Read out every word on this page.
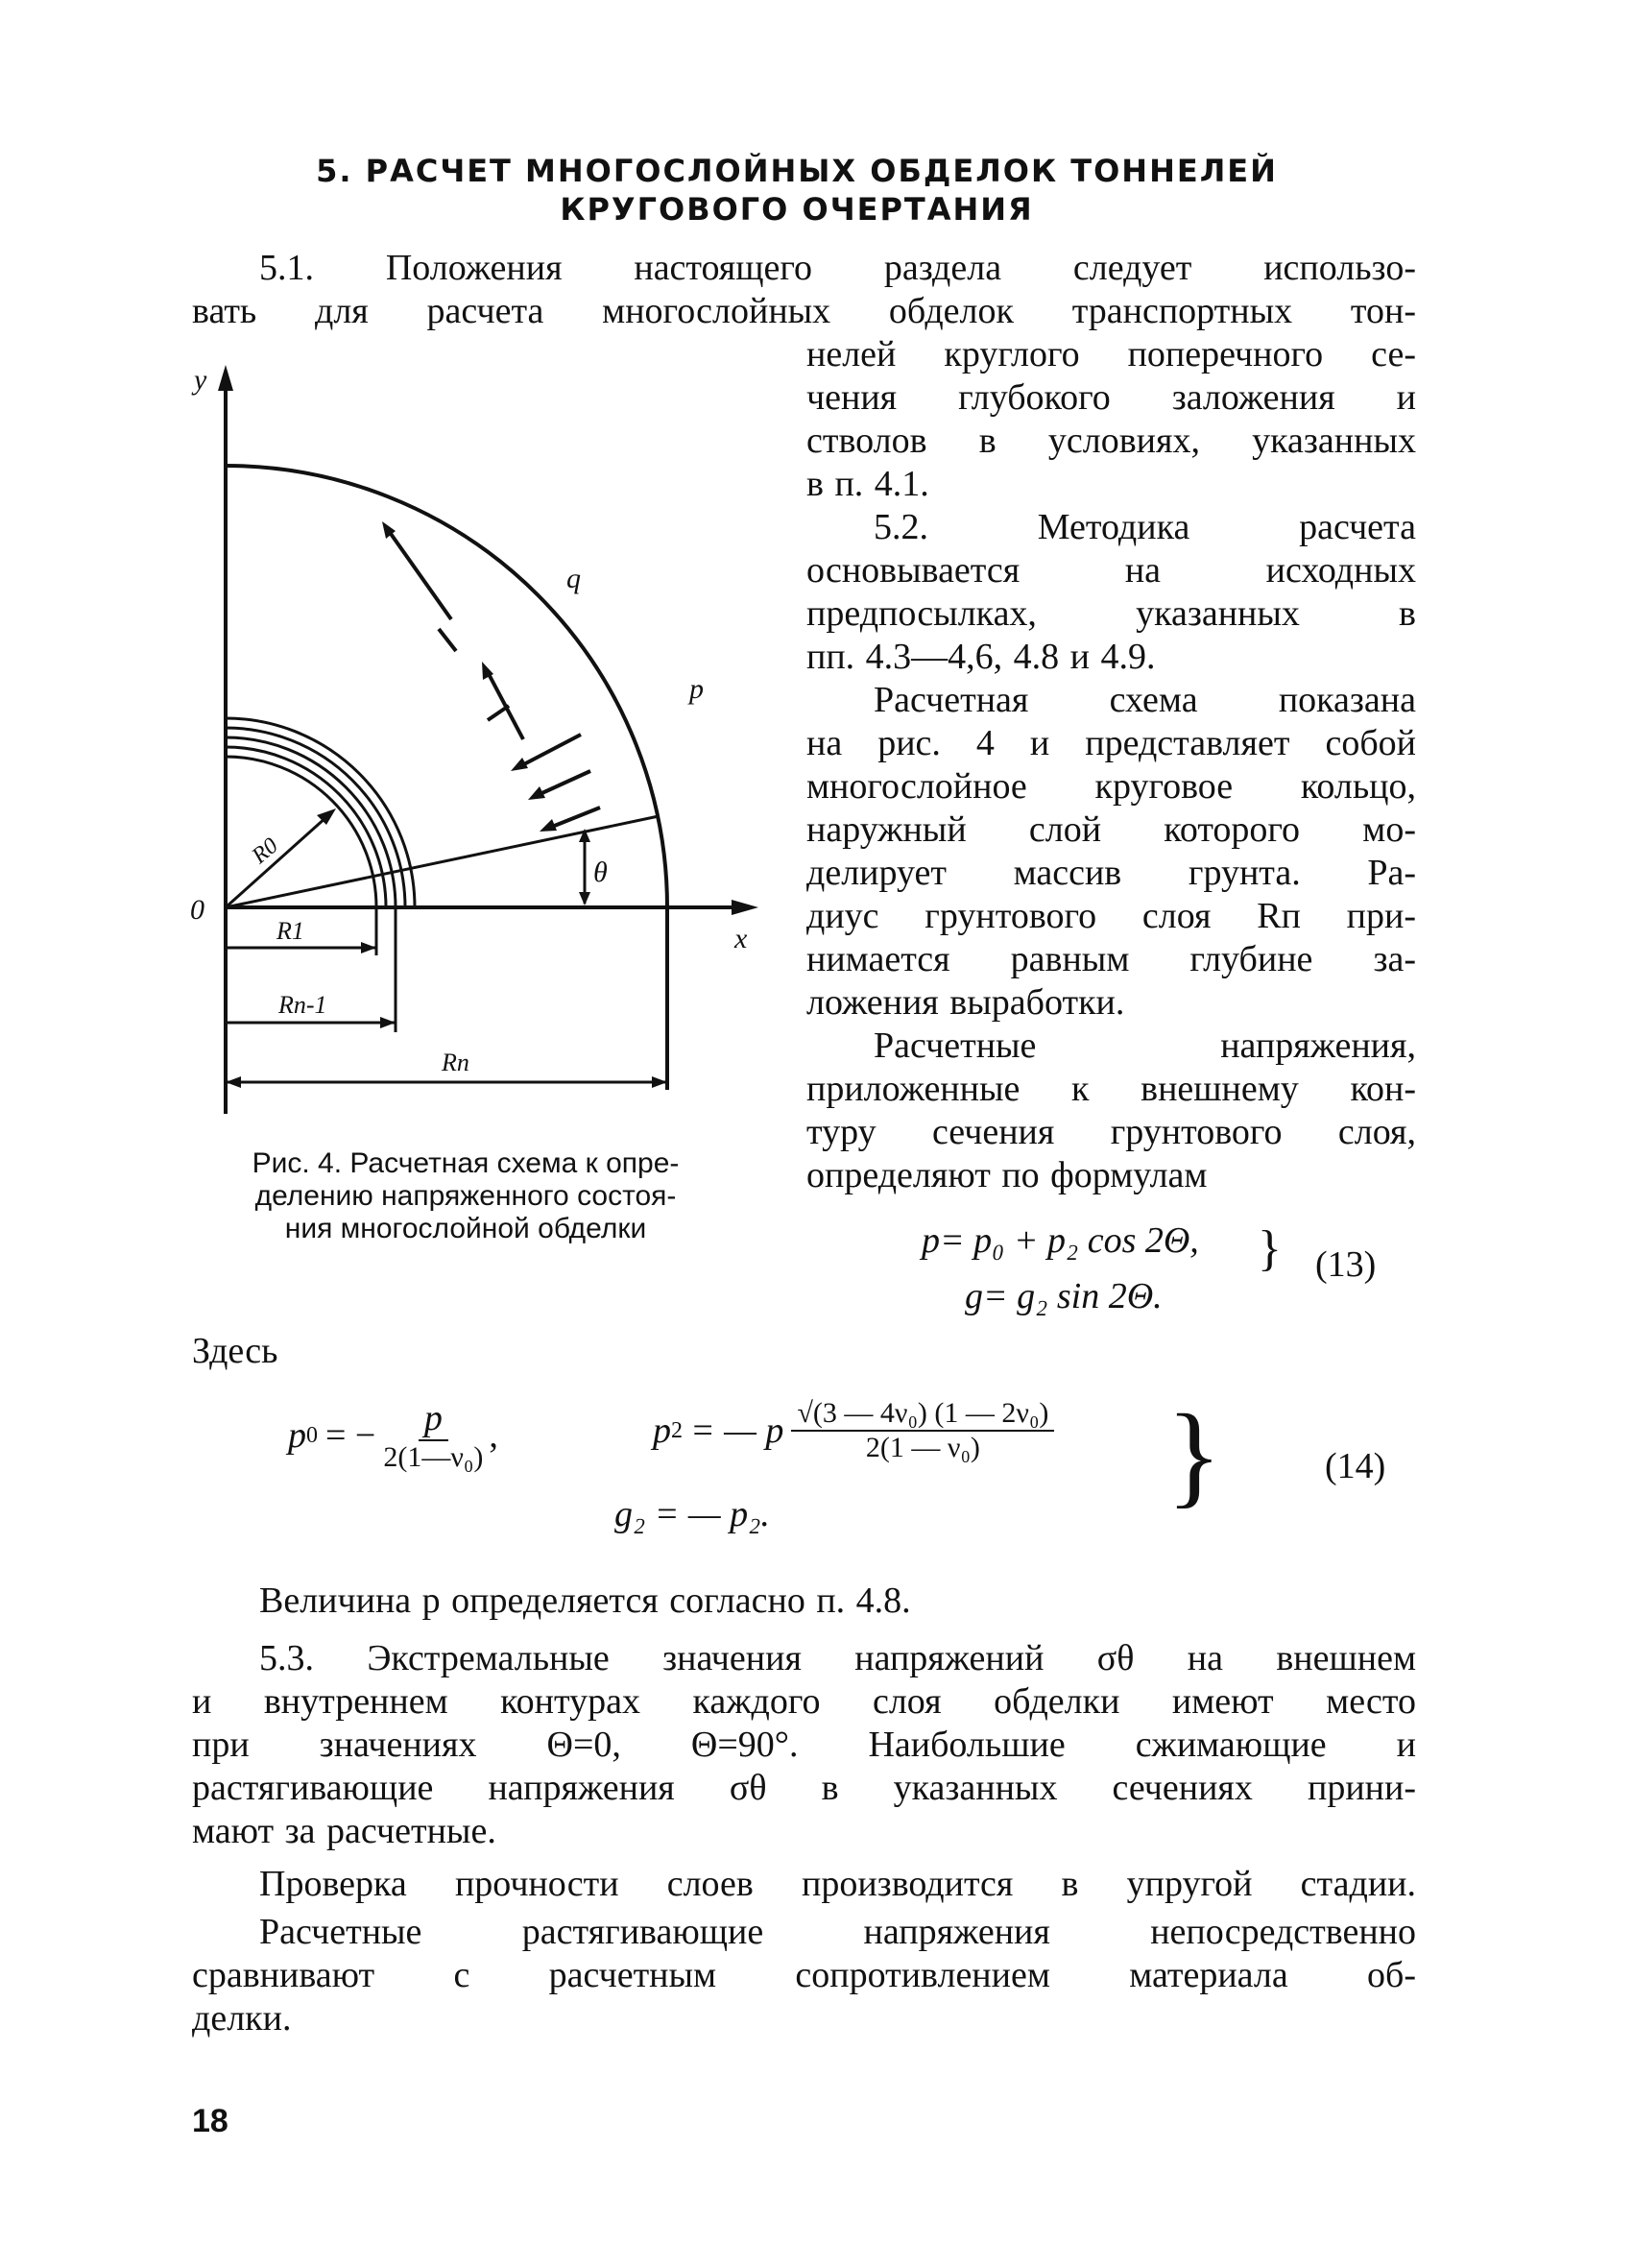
5. РАСЧЕТ МНОГОСЛОЙНЫХ ОБДЕЛОК ТОННЕЛЕЙ
КРУГОВОГО ОЧЕРТАНИЯ
5.1. Положения настоящего раздела следует использо-
вать для расчета многослойных обделок транспортных тон-
нелей круглого поперечного се-
чения глубокого заложения и
стволов в условиях, указанных
в п. 4.1.
5.2. Методика расчета
основывается на исходных
предпосылках, указанных в
пп. 4.3—4,6, 4.8 и 4.9.
Расчетная схема показана
на рис. 4 и представляет собой
многослойное круговое кольцо,
наружный слой которого мо-
делирует массив грунта. Ра-
диус грунтового слоя Rп при-
нимается равным глубине за-
ложения выработки.
Расчетные напряжения,
приложенные к внешнему кон-
туру сечения грунтового слоя,
определяют по формулам
y
x
0
q
p
θ
R0
R1
Rn-1
Rn
Рис. 4. Расчетная схема к опре-
делению напряженного состоя-
ния многослойной обделки	p= p₀ + p₂ cos 2Θ,
g= g₂ sin 2Θ.
} (13)
Здесь
p 0 = − $\frac{p}{\text{2(1—ν₀)}}$ ,	p 2 = — p $\frac{\text{√(3 — 4ν₀) (1 — 2ν₀)}}{\text{2(1 — ν₀)}}$
g₂ = — p₂.	}	(14)
Величина p определяется согласно п. 4.8.
5.3. Экстремальные значения напряжений σθ на внешнем
и внутреннем контурах каждого слоя обделки имеют место
при значениях Θ=0, Θ=90°. Наибольшие сжимающие и
растягивающие напряжения σθ в указанных сечениях прини-
мают за расчетные.
Проверка прочности слоев производится в упругой стадии.
Расчетные растягивающие напряжения непосредственно
сравнивают с расчетным сопротивлением материала об-
делки.
18
